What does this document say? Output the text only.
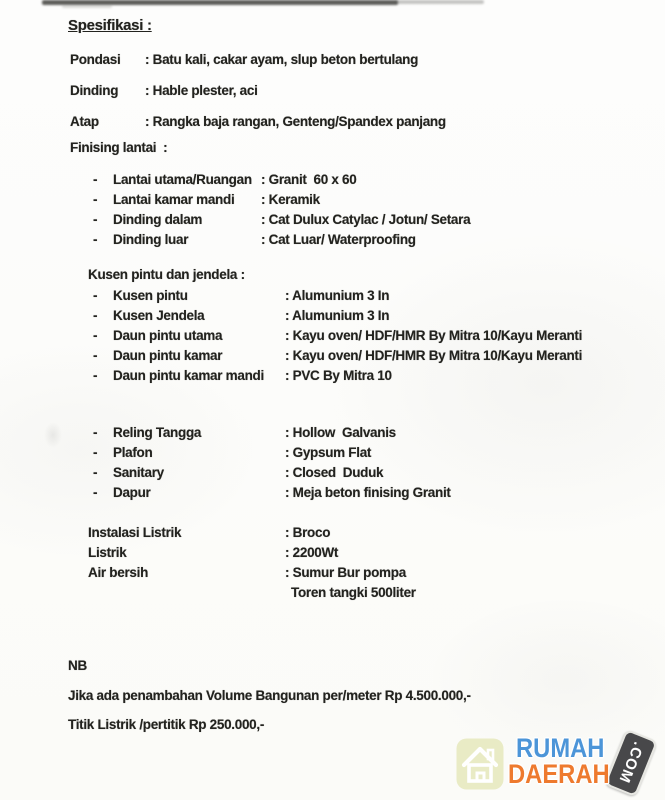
Spesifikasi :
Pondasi : Batu kali, cakar ayam, slup beton bertulang
Dinding : Hable plester, aci
Atap	: Rangka baja rangan, Genteng/Spandex panjang
Finising lantai  :
- Lantai utama/Ruangan : Granit  60 x 60
- Lantai kamar mandi : Keramik
- Dinding dalam	: Cat Dulux Catylac / Jotun/ Setara
- Dinding luar	: Cat Luar/ Waterproofing
Kusen pintu dan jendela :
- Kusen pintu	: Alumunium 3 In
- Kusen Jendela	: Alumunium 3 In
- Daun pintu utama	: Kayu oven/ HDF/HMR By Mitra 10/Kayu Meranti
- Daun pintu kamar	: Kayu oven/ HDF/HMR By Mitra 10/Kayu Meranti
- Daun pintu kamar mandi : PVC By Mitra 10
- Reling Tangga	: Hollow  Galvanis
- Plafon	: Gypsum Flat
- Sanitary	: Closed  Duduk
- Dapur	: Meja beton finising Granit
Instalasi Listrik	: Broco
Listrik	: 2200Wt
Air bersih	: Sumur Bur pompa
Toren tangki 500liter
NB
Jika ada penambahan Volume Bangunan per/meter Rp 4.500.000,-
Titik Listrik /pertitik Rp 250.000,-
.COM
RUMAH
DAERAH
